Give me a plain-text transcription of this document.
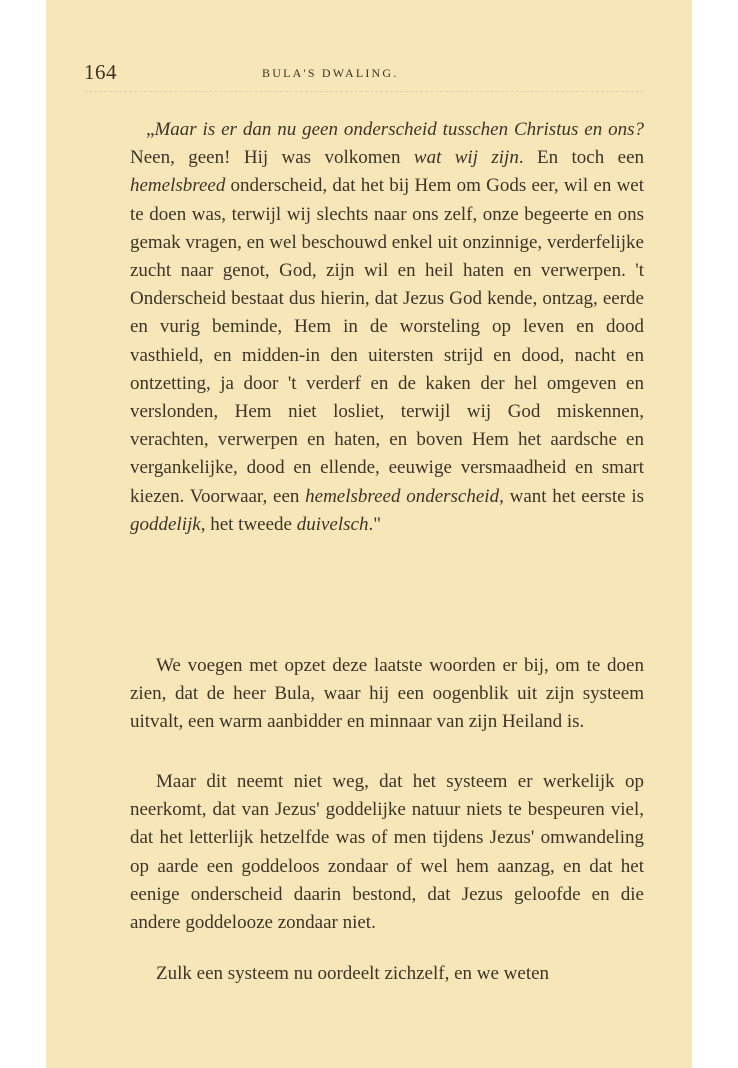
164	BULA'S DWALING.

„Maar is er dan nu geen onderscheid tusschen Christus en ons? Neen, geen! Hij was volkomen wat wij zijn. En toch een hemelsbreed onderscheid, dat het bij Hem om Gods eer, wil en wet te doen was, terwijl wij slechts naar ons zelf, onze begeerte en ons gemak vragen, en wel beschouwd enkel uit onzinnige, verderfelijke zucht naar genot, God, zijn wil en heil haten en verwerpen. 't Onderscheid bestaat dus hierin, dat Jezus God kende, ontzag, eerde en vurig beminde, Hem in de worsteling op leven en dood vasthield, en midden-in den uitersten strijd en dood, nacht en ontzetting, ja door 't verderf en de kaken der hel omgeven en verslonden, Hem niet losliet, terwijl wij God miskennen, verachten, verwerpen en haten, en boven Hem het aardsche en vergankelijke, dood en ellende, eeuwige versmaadheid en smart kiezen. Voorwaar, een hemelsbreed onderscheid, want het eerste is goddelijk, het tweede duivelsch."

We voegen met opzet deze laatste woorden er bij, om te doen zien, dat de heer Bula, waar hij een oogenblik uit zijn systeem uitvalt, een warm aanbidder en minnaar van zijn Heiland is.

Maar dit neemt niet weg, dat het systeem er werkelijk op neerkomt, dat van Jezus' goddelijke natuur niets te bespeuren viel, dat het letterlijk hetzelfde was of men tijdens Jezus' omwandeling op aarde een goddeloos zondaar of wel hem aanzag, en dat het eenige onderscheid daarin bestond, dat Jezus geloofde en die andere goddelooze zondaar niet.

Zulk een systeem nu oordeelt zichzelf, en we weten
